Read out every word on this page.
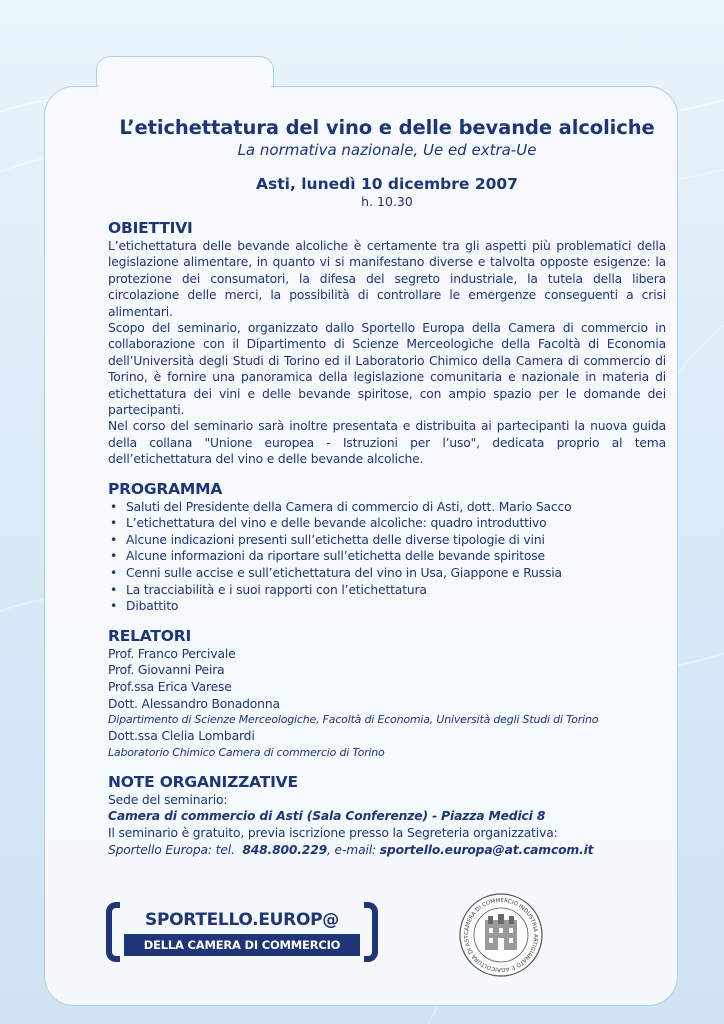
L’etichettatura del vino e delle bevande alcoliche

La normativa nazionale, Ue ed extra-Ue

Asti, lunedì 10 dicembre 2007

h. 10.30

OBIETTIVI

L’etichettatura delle bevande alcoliche è certamente tra gli aspetti più problematici della legislazione alimentare, in quanto vi si manifestano diverse e talvolta opposte esigenze: la protezione dei consumatori, la difesa del segreto industriale, la tutela della libera circolazione delle merci, la possibilità di controllare le emergenze conseguenti a crisi alimentari.

Scopo del seminario, organizzato dallo Sportello Europa della Camera di commercio in collaborazione con il Dipartimento di Scienze Merceologiche della Facoltà di Economia dell’Università degli Studi di Torino ed il Laboratorio Chimico della Camera di commercio di Torino, è fornire una panoramica della legislazione comunitaria e nazionale in materia di etichettatura dei vini e delle bevande spiritose, con ampio spazio per le domande dei partecipanti.

Nel corso del seminario sarà inoltre presentata e distribuita ai partecipanti la nuova guida della collana "Unione europea - Istruzioni per l’uso", dedicata proprio al tema dell’etichettatura del vino e delle bevande alcoliche.

PROGRAMMA

• Saluti del Presidente della Camera di commercio di Asti, dott. Mario Sacco
• L’etichettatura del vino e delle bevande alcoliche: quadro introduttivo
• Alcune indicazioni presenti sull’etichetta delle diverse tipologie di vini
• Alcune informazioni da riportare sull’etichetta delle bevande spiritose
• Cenni sulle accise e sull’etichettatura del vino in Usa, Giappone e Russia
• La tracciabilità e i suoi rapporti con l’etichettatura
• Dibattito

RELATORI

Prof. Franco Percivale

Prof. Giovanni Peira

Prof.ssa Erica Varese

Dott. Alessandro Bonadonna

Dipartimento di Scienze Merceologiche, Facoltà di Economia, Università degli Studi di Torino

Dott.ssa Clelia Lombardi

Laboratorio Chimico Camera di commercio di Torino

NOTE ORGANIZZATIVE

Sede del seminario:

Camera di commercio di Asti (Sala Conferenze) - Piazza Medici 8

Il seminario è gratuito, previa iscrizione presso la Segreteria organizzativa:

Sportello Europa: tel. 848.800.229, e-mail: sportello.europa@at.camcom.it

SPORTELLO.EUROP@
DELLA CAMERA DI COMMERCIO
CAMERA DI COMMERCIO INDUSTRIA ARTIGIANATO E AGRICOLTURA DI AST
